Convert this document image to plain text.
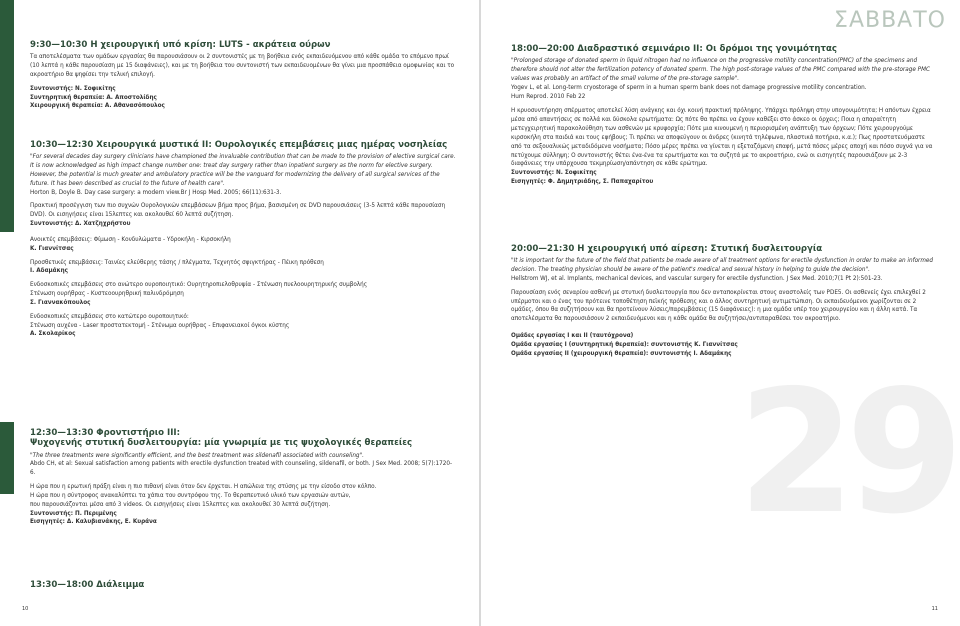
9:30—10:30 Η χειρουργική υπό κρίση: LUTS - ακράτεια ούρων

Τα αποτελέσματα των ομάδων εργασίας θα παρουσιάσουν οι 2 συντονιστές με τη βοήθεια ενός εκπαιδευόμενου από κάθε ομάδα το επόμενο πρωί (10 λεπτά η κάθε παρουσίαση με 15 διαφάνειες), και με τη βοήθεια του συντονιστή των εκπαιδευομένων θα γίνει μια προσπάθεια ομοφωνίας και το ακροατήριο θα ψηφίσει την τελική επιλογή.

Συντονιστής: Ν. Σοφικίτης

Συντηρητική θεραπεία: Α. Αποστολίδης

Χειρουργική θεραπεία: Α. Αθανασόπουλος

10:30—12:30 Χειρουργικά μυστικά ΙΙ: Ουρολογικές επεμβάσεις μιας ημέρας νοσηλείας

"For several decades day surgery clinicians have championed the invaluable contribution that can be made to the provision of elective surgical care. It is now acknowledged as high impact change number one: treat day surgery rather than inpatient surgery as the norm for elective surgery. However, the potential is much greater and ambulatory practice will be the vanguard for modernizing the delivery of all surgical services of the future. It has been described as crucial to the future of health care".

Horton B, Doyle B. Day case surgery: a modern view.Br J Hosp Med. 2005; 66(11):631-3.

Πρακτική προσέγγιση των πιο συχνών Ουρολογικών επεμβάσεων βήμα προς βήμα, βασισμένη σε DVD παρουσιάσεις (3-5 λεπτά κάθε παρουσίαση DVD). Οι εισηγήσεις είναι 15λεπτες και ακολουθεί 60 λεπτά συζήτηση.

Συντονιστής: Δ. Χατζηχρήστου

Ανοικτές επεμβάσεις: Φίμωση - Κονδυλώματα - Υδροκήλη - Κιρσοκήλη

Κ. Γιαννίτσας

Προσθετικές επεμβάσεις: Ταινίες ελεύθερης τάσης / πλέγματα, Τεχνητός σφιγκτήρας - Πέικη πρόθεση

Ι. Αδαμάκης

Ενδοσκοπικές επεμβάσεις στο ανώτερο ουροποιητικό: Ουρητηροπιελοθρυψία - Στένωση πυελοουρητηρικής συμβολής

Στένωση ουρήθρας - Κυστεοουρηθρική παλινδρόμηση

Σ. Γιαννακόπουλος

Ενδοσκοπικές επεμβάσεις στο κατώτερο ουροποιητικό:

Στένωση αυχένα - Laser προστατεκτομή - Στένωμα ουρήθρας - Επιφανειακοί όγκοι κύστης

Α. Σκολαρίκος

12:30—13:30 Φροντιστήριο ΙΙΙ:

Ψυχογενής στυτική δυσλειτουργία: μία γνωριμία με τις ψυχολογικές θεραπείες

"The three treatments were significantly efficient, and the best treatment was sildenafil associated with counseling".

Abdo CH, et al: Sexual satisfaction among patients with erectile dysfunction treated with counseling, sildenafil, or both. J Sex Med. 2008; 5(7):1720-6.

Η ώρα που η ερωτική πράξη είναι η πιο πιθανή είναι όταν δεν έρχεται. Η απώλεια της στύσης με την είσοδο στον κόλπο.

Η ώρα που η σύντροφος ανακαλύπτει τα χάπια του συντρόφου της. Το θεραπευτικό υλικό των εργασιών αυτών,

που παρουσιάζονται μέσα από 3 videos. Οι εισηγήσεις είναι 15λεπτες και ακολουθεί 30 λεπτά συζήτηση.

Συντονιστής: Π. Περιμένης

Εισηγητές: Δ. Καλυβιανάκης, Ε. Κυράνα

13:30—18:00 Διάλειμμα

10
ΣΑΒΒΑΤΟ
29

18:00—20:00 Διαδραστικό σεμινάριο ΙΙ: Οι δρόμοι της γονιμότητας

"Prolonged storage of donated sperm in liquid nitrogen had no influence on the progressive motility concentration(PMC) of the specimens and therefore should not alter the fertilization potency of donated sperm. The high post-storage values of the PMC compared with the pre-storage PMC values was probably an artifact of the small volume of the pre-storage sample".

Yogev L, et al. Long-term cryostorage of sperm in a human sperm bank does not damage progressive motility concentration.

Hum Reprod. 2010 Feb 22

Η κρυοσυντήρηση σπέρματος αποτελεί λύση ανάγκης και όχι κοινή πρακτική πρόληψης. Υπάρχει πρόληψη στην υπογονιμότητα; Η απόντων έχρεια μέσα από απαντήσεις σε πολλά και δύσκολα ερωτήματα: Ως πότε θα πρέπει να έχουν καθέξει στο άσκεο οι όρχεις; Ποια η απαραίτητη μετεγχειρητική παρακολούθηση των ασθενών με κρυψορχία; Πότε μια κινουμενή η περιορισμένη ανάπτυξη των όρχεων; Πότε χειρουργούμε κιρσοκήλη στα παιδιά και τους εφήβους; Τι πρέπει να αποφεύγουν οι άνδρες (κινητά τηλέφωνα, πλαστικά ποτήρια, κ.α.); Πως προστατευόμαστε από τα σεξουαλικώς μεταδιδόμενα νοσήματα; Πόσο μέρες πρέπει να γίνεται η εξεταζόμενη επαφή, μετά πόσες μέρες αποχή και πόσο συχνά για να πετύχουμε σύλληψη; Ο συντονιστής θέτει ένα-ένα τα ερωτήματα και τα συζητά με το ακροατήριο, ενώ οι εισηγητές παρουσιάζουν με 2-3 διαφάνειες την υπάρχουσα τεκμηρίωση/απάντηση σε κάθε ερώτημα.

Συντονιστής: Ν. Σοφικίτης

Εισηγητές: Φ. Δημητριάδης, Σ. Παπαχαρίτου

20:00—21:30 Η χειρουργική υπό αίρεση: Στυτική δυσλειτουργία

"It is important for the future of the field that patients be made aware of all treatment options for erectile dysfunction in order to make an informed decision. The treating physician should be aware of the patient's medical and sexual history in helping to guide the decision".

Hellstrom WJ, et al. Implants, mechanical devices, and vascular surgery for erectile dysfunction. J Sex Med. 2010;7(1 Pt 2):501-23.

Παρουσίαση ενός σεναρίου ασθενή με στυτική δυσλειτουργία που δεν ανταποκρίνεται στους αναστολείς των PDE5. Οι ασθενείς έχει επιλεχθεί 2 υπέρμοτοι και ο ένας του πρότεινε τοποθέτηση πεϊκής πρόθεσης και ο άλλος συντηρητική αντιμετώπιση. Οι εκπαιδευόμενοι χωρίζονται σε 2 ομάδες, όπου θα συζητήσουν και θα προτείνουν λύσεις/παρεμβάσεις (15 διαφάνειες): η μια ομάδα υπέρ του χειρουργείου και η άλλη κατά. Τα αποτελέσματα θα παρουσιάσουν 2 εκπαιδευόμενοι και η κάθε ομάδα θα συζητήσει/αντιπαραθέσει τον ακροατήριο.

Ομάδες εργασίας I και II (ταυτόχρονα)

Ομάδα εργασίας Ι (συντηρητική θεραπεία): συντονιστής Κ. Γιαννίτσας

Ομάδα εργασίας ΙΙ (χειρουργική θεραπεία): συντονιστής Ι. Αδαμάκης

11
